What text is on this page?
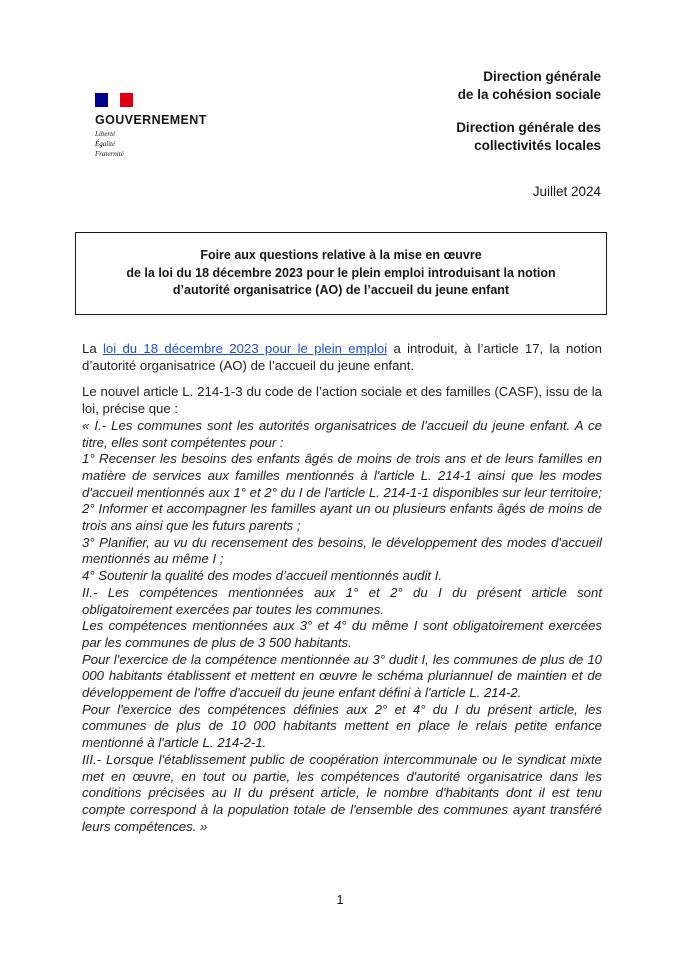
GOUVERNEMENT
Liberté
Égalité
Fraternité
Direction générale
de la cohésion sociale
Direction générale des
collectivités locales
Juillet 2024
Foire aux questions relative à la mise en œuvre
de la loi du 18 décembre 2023 pour le plein emploi introduisant la notion
d’autorité organisatrice (AO) de l’accueil du jeune enfant

La loi du 18 décembre 2023 pour le plein emploi a introduit, à l’article 17, la notion d’autorité organisatrice (AO) de l’accueil du jeune enfant.

Le nouvel article L. 214-1-3 du code de l’action sociale et des familles (CASF), issu de la loi, précise que :

« I.- Les communes sont les autorités organisatrices de l'accueil du jeune enfant. A ce titre, elles sont compétentes pour :

1° Recenser les besoins des enfants âgés de moins de trois ans et de leurs familles en matière de services aux familles mentionnés à l'article L. 214-1 ainsi que les modes d'accueil mentionnés aux 1° et 2° du I de l'article L. 214-1-1 disponibles sur leur territoire;

2° Informer et accompagner les familles ayant un ou plusieurs enfants âgés de moins de trois ans ainsi que les futurs parents ;

3° Planifier, au vu du recensement des besoins, le développement des modes d'accueil mentionnés au même I ;

4° Soutenir la qualité des modes d’accueil mentionnés audit I.

II.- Les compétences mentionnées aux 1° et 2° du I du présent article sont obligatoirement exercées par toutes les communes.

Les compétences mentionnées aux 3° et 4° du même I sont obligatoirement exercées par les communes de plus de 3 500 habitants.

Pour l'exercice de la compétence mentionnée au 3° dudit I, les communes de plus de 10 000 habitants établissent et mettent en œuvre le schéma pluriannuel de maintien et de développement de l'offre d'accueil du jeune enfant défini à l'article L. 214-2.

Pour l'exercice des compétences définies aux 2° et 4° du I du présent article, les communes de plus de 10 000 habitants mettent en place le relais petite enfance mentionné à l'article L. 214-2-1.

III.- Lorsque l'établissement public de coopération intercommunale ou le syndicat mixte met en œuvre, en tout ou partie, les compétences d'autorité organisatrice dans les conditions précisées au II du présent article, le nombre d'habitants dont il est tenu compte correspond à la population totale de l'ensemble des communes ayant transféré leurs compétences. »

1
